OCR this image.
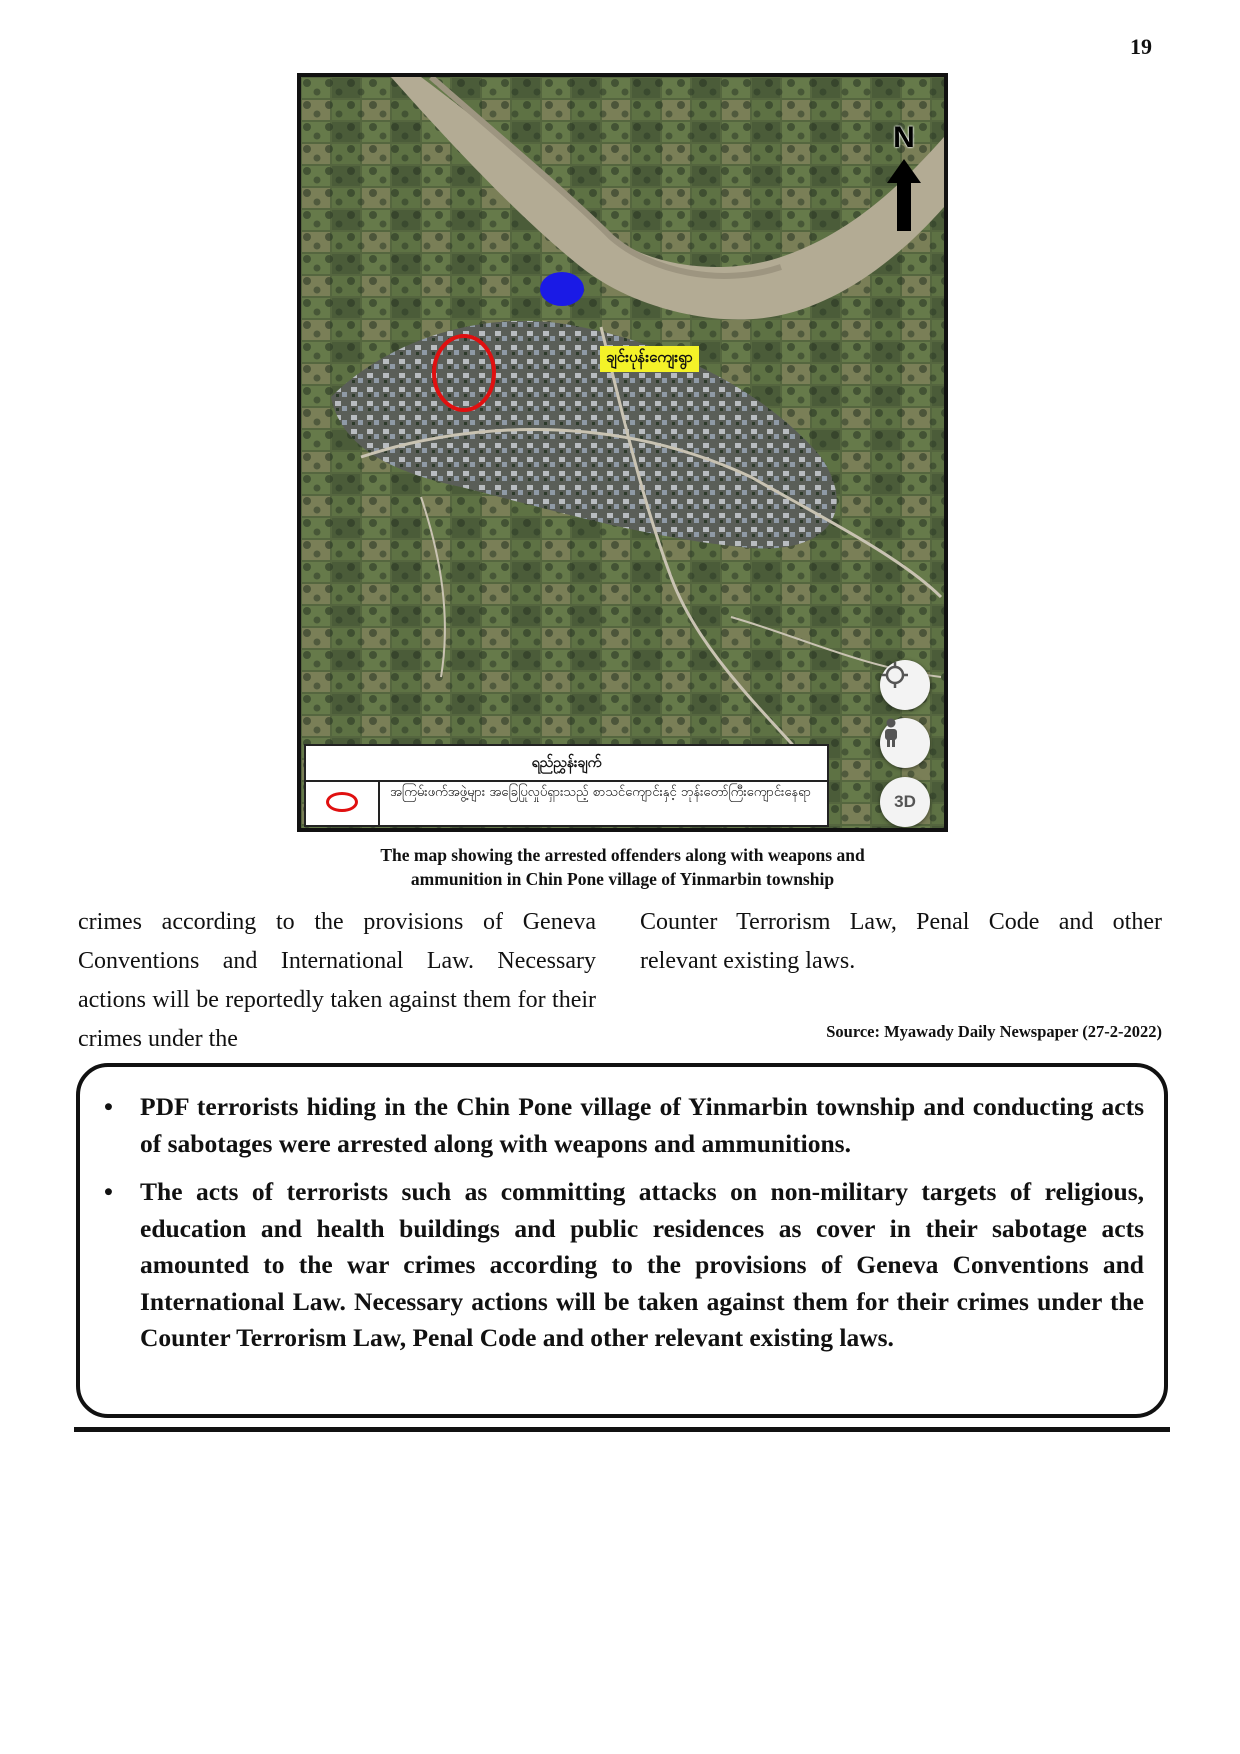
19
N
ချင်းပုန်းကျေးရွာ
3D
ရည်ညွှန်းချက်
အကြမ်းဖက်အဖွဲ့များ အခြေပြုလှုပ်ရှားသည့် စာသင်ကျောင်းနှင့် ဘုန်းတော်ကြီးကျောင်းနေရာ
The map showing the arrested offenders along with weapons and
ammunition in Chin Pone village of Yinmarbin township
crimes according to the provisions of Geneva Conventions and International Law. Necessary actions will be reportedly taken against them for their crimes under the
Counter Terrorism Law, Penal Code and other relevant existing laws.
Source: Myawady Daily Newspaper (27-2-2022)
• PDF terrorists hiding in the Chin Pone village of Yinmarbin township and conducting acts of sabotages were arrested along with weapons and ammunitions.
• The acts of terrorists such as committing attacks on non-military targets of religious, education and health buildings and public residences as cover in their sabotage acts amounted to the war crimes according to the provisions of Geneva Conventions and International Law. Necessary actions will be taken against them for their crimes under the Counter Terrorism Law, Penal Code and other relevant existing laws.
